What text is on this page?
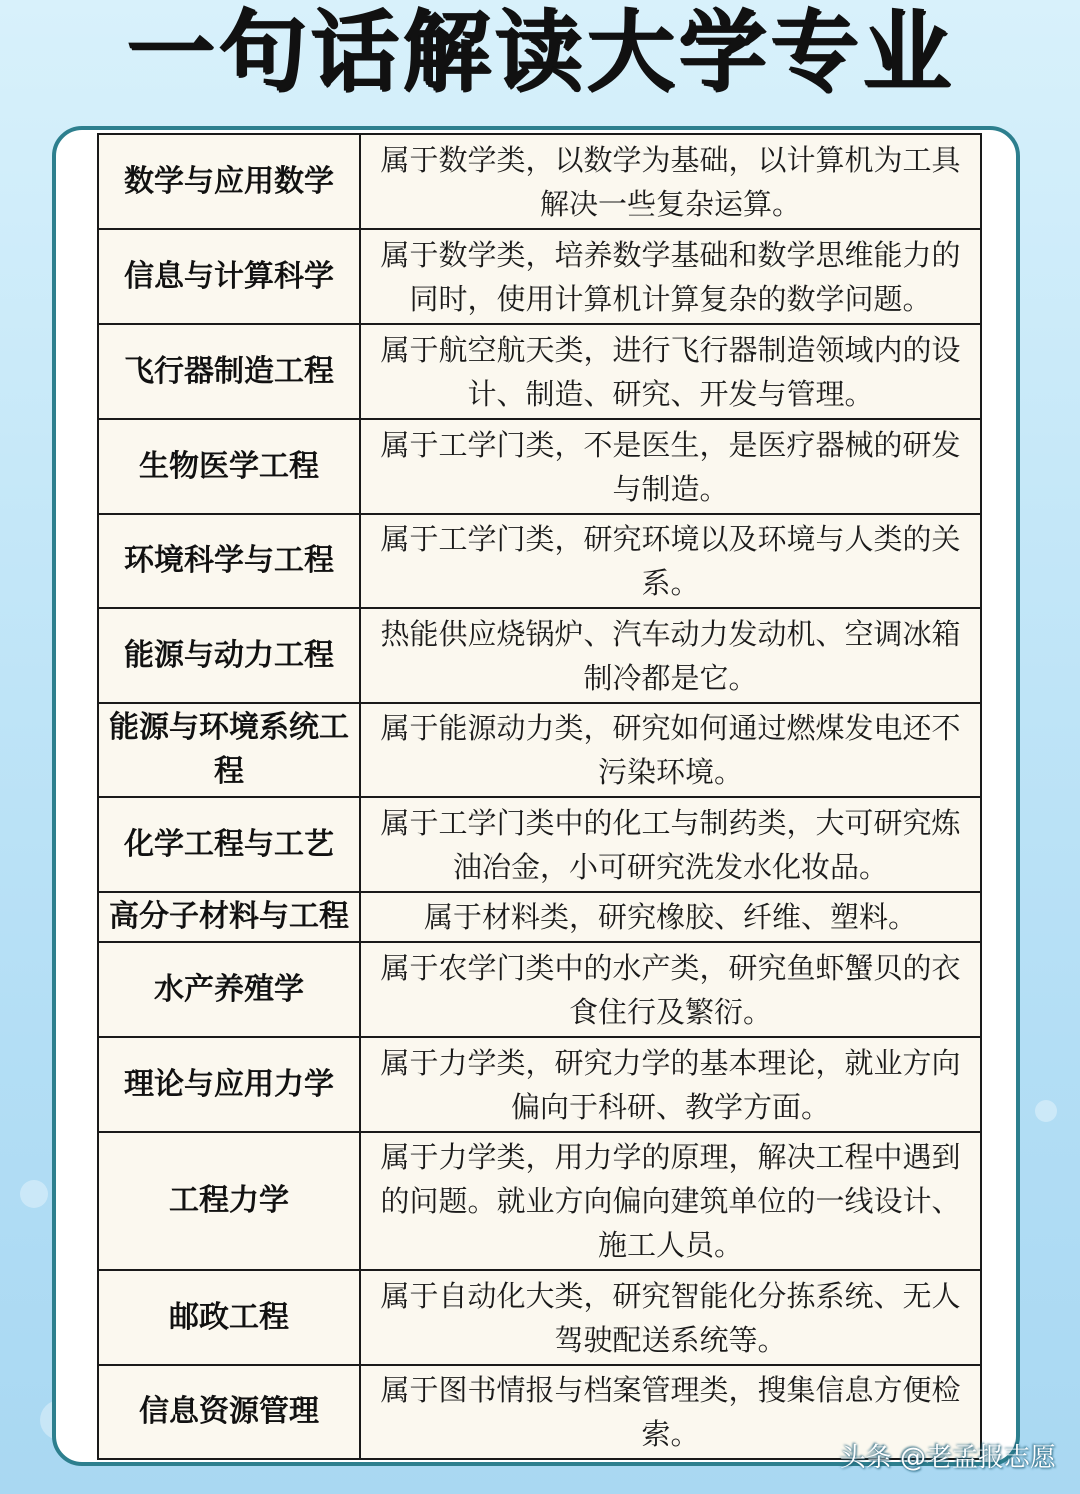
一句话解读大学专业
数学与应用数学	属于数学类，以数学为基础，以计算机为工具解决一些复杂运算。
信息与计算科学	属于数学类，培养数学基础和数学思维能力的同时，使用计算机计算复杂的数学问题。
飞行器制造工程	属于航空航天类，进行飞行器制造领域内的设计、制造、研究、开发与管理。
生物医学工程	属于工学门类，不是医生，是医疗器械的研发与制造。
环境科学与工程	属于工学门类，研究环境以及环境与人类的关系。
能源与动力工程	热能供应烧锅炉、汽车动力发动机、空调冰箱制冷都是它。
能源与环境系统工程	属于能源动力类，研究如何通过燃煤发电还不污染环境。
化学工程与工艺	属于工学门类中的化工与制药类，大可研究炼油冶金，小可研究洗发水化妆品。
高分子材料与工程	属于材料类，研究橡胶、纤维、塑料。
水产养殖学	属于农学门类中的水产类，研究鱼虾蟹贝的衣食住行及繁衍。
理论与应用力学	属于力学类，研究力学的基本理论，就业方向偏向于科研、教学方面。
工程力学	属于力学类，用力学的原理，解决工程中遇到的问题。就业方向偏向建筑单位的一线设计、施工人员。
邮政工程	属于自动化大类，研究智能化分拣系统、无人驾驶配送系统等。
信息资源管理	属于图书情报与档案管理类，搜集信息方便检索。
头条 @老孟报志愿
